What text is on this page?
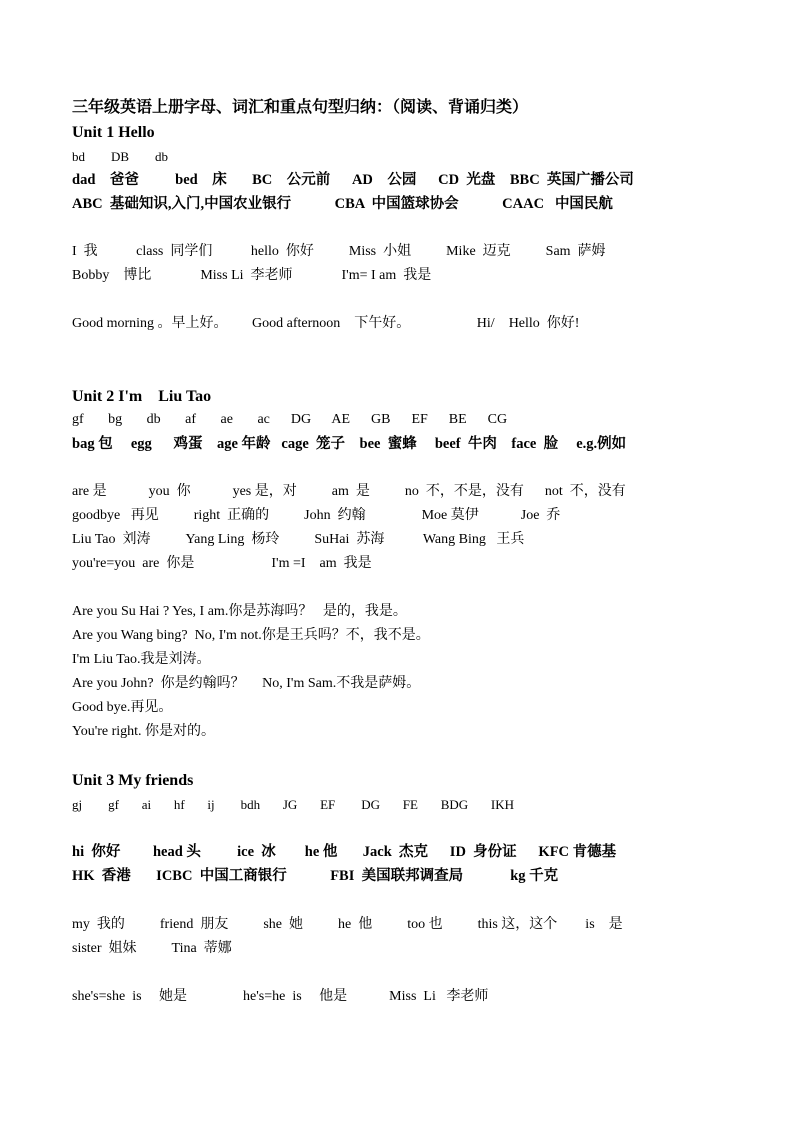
三年级英语上册字母、词汇和重点句型归纳：（阅读、背诵归类）
Unit 1 Hello
bd        DB        db
dad    爸爸          bed    床       BC    公元前      AD    公园      CD  光盘    BBC  英国广播公司
ABC  基础知识,入门,中国农业银行            CBA  中国篮球协会            CAAC   中国民航
I  我           class  同学们           hello  你好          Miss  小姐          Mike  迈克          Sam  萨姆
Bobby    博比              Miss Li  李老师              I'm= I am  我是
Good morning 。早上好。       Good afternoon    下午好。                   Hi/    Hello  你好!
Unit 2 I'm    Liu Tao
gf       bg       db       af       ae       ac      DG      AE      GB      EF      BE      CG
bag 包     egg      鸡蛋    age 年龄   cage  笼子    bee  蜜蜂     beef  牛肉    face  脸     e.g.例如
are 是            you  你            yes 是，对          am  是          no  不，不是，没有      not  不，没有
goodbye   再见          right  正确的          John  约翰                Moe 莫伊            Joe  乔
Liu Tao  刘涛          Yang Ling  杨玲          SuHai  苏海           Wang Bing   王兵
you're=you  are  你是                      I'm =I    am  我是
Are you Su Hai ? Yes, I am.你是苏海吗？   是的，我是。
Are you Wang bing?  No, I'm not.你是王兵吗？不，我不是。
I'm Liu Tao.我是刘涛。
Are you John?  你是约翰吗？     No, I'm Sam.不我是萨姆。
Good bye.再见。
You're right. 你是对的。
Unit 3 My friends
gj        gf       ai       hf       ij        bdh       JG       EF        DG       FE       BDG       IKH
hi  你好         head 头          ice  冰        he 他       Jack  杰克      ID  身份证      KFC 肯德基
HK  香港       ICBC  中国工商银行            FBI  美国联邦调查局             kg 千克
my  我的          friend  朋友          she  她          he  他          too 也          this 这，这个        is    是
sister  姐妹          Tina  蒂娜
she's=she  is     她是                he's=he  is     他是            Miss  Li   李老师
